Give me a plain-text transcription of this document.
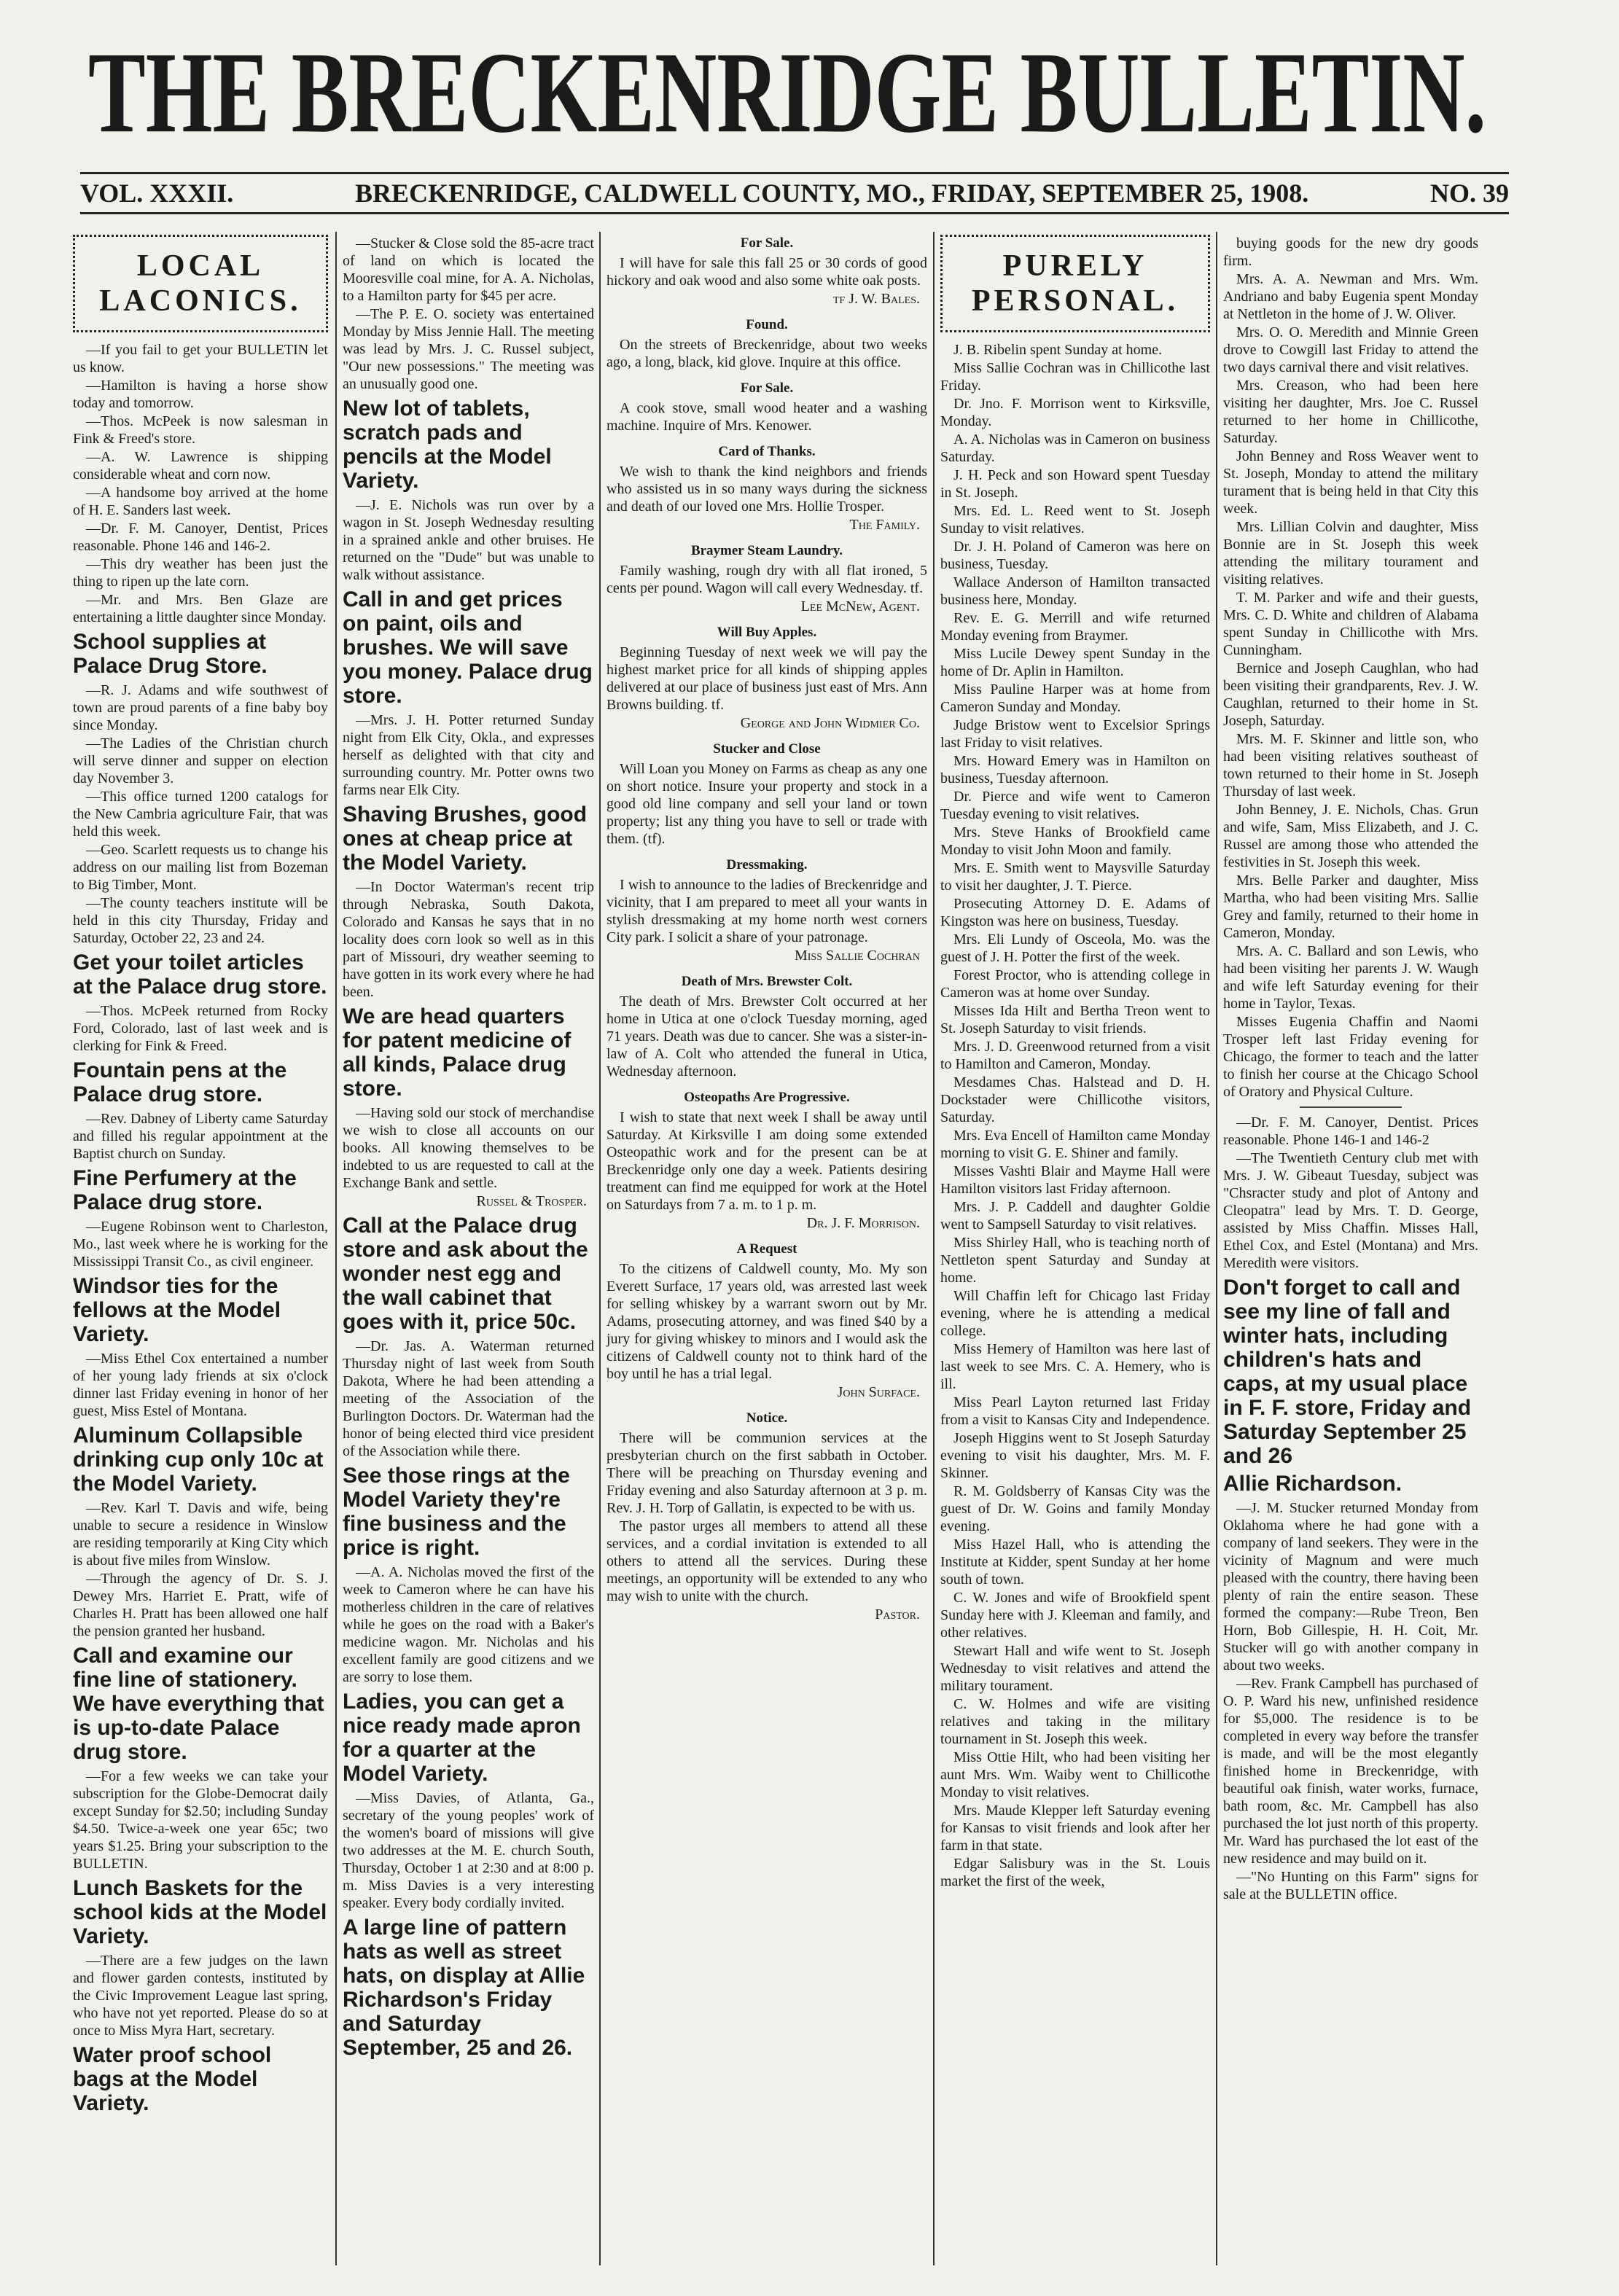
THE BRECKENRIDGE BULLETIN.
VOL. XXXII.	BRECKENRIDGE, CALDWELL COUNTY, MO., FRIDAY, SEPTEMBER 25, 1908.	NO. 39
LOCAL LACONICS.
—If you fail to get your BULLETIN let us know.
—Hamilton is having a horse show today and tomorrow.
—Thos. McPeek is now salesman in Fink & Freed's store.
—A. W. Lawrence is shipping considerable wheat and corn now.
—A handsome boy arrived at the home of H. E. Sanders last week.
—Dr. F. M. Canoyer, Dentist, Prices reasonable. Phone 146 and 146-2.
—This dry weather has been just the thing to ripen up the late corn.
—Mr. and Mrs. Ben Glaze are entertaining a little daughter since Monday.
School supplies at Palace Drug Store.
—R. J. Adams and wife southwest of town are proud parents of a fine baby boy since Monday.
—The Ladies of the Christian church will serve dinner and supper on election day November 3.
—This office turned 1200 catalogs for the New Cambria agriculture Fair, that was held this week.
—Geo. Scarlett requests us to change his address on our mailing list from Bozeman to Big Timber, Mont.
—The county teachers institute will be held in this city Thursday, Friday and Saturday, October 22, 23 and 24.
Get your toilet articles at the Palace drug store.
—Thos. McPeek returned from Rocky Ford, Colorado, last of last week and is clerking for Fink & Freed.
Fountain pens at the Palace drug store.
—Rev. Dabney of Liberty came Saturday and filled his regular appointment at the Baptist church on Sunday.
Fine Perfumery at the Palace drug store.
—Eugene Robinson went to Charleston, Mo., last week where he is working for the Mississippi Transit Co., as civil engineer.
Windsor ties for the fellows at the Model Variety.
—Miss Ethel Cox entertained a number of her young lady friends at six o'clock dinner last Friday evening in honor of her guest, Miss Estel of Montana.
Aluminum Collapsible drinking cup only 10c at the Model Variety.
—Rev. Karl T. Davis and wife, being unable to secure a residence in Winslow are residing temporarily at King City which is about five miles from Winslow.
—Through the agency of Dr. S. J. Dewey Mrs. Harriet E. Pratt, wife of Charles H. Pratt has been allowed one half the pension granted her husband.
Call and examine our fine line of stationery. We have everything that is up-to-date Palace drug store.
—For a few weeks we can take your subscription for the Globe-Democrat daily except Sunday for $2.50; including Sunday $4.50. Twice-a-week one year 65c; two years $1.25. Bring your subscription to the BULLETIN.
Lunch Baskets for the school kids at the Model Variety.
—There are a few judges on the lawn and flower garden contests, instituted by the Civic Improvement League last spring, who have not yet reported. Please do so at once to Miss Myra Hart, secretary.
Water proof school bags at the Model Variety.
—Stucker & Close sold the 85-acre tract of land on which is located the Mooresville coal mine, for A. A. Nicholas, to a Hamilton party for $45 per acre.
—The P. E. O. society was entertained Monday by Miss Jennie Hall. The meeting was lead by Mrs. J. C. Russel subject, "Our new possessions." The meeting was an unusually good one.
New lot of tablets, scratch pads and pencils at the Model Variety.
—J. E. Nichols was run over by a wagon in St. Joseph Wednesday resulting in a sprained ankle and other bruises. He returned on the "Dude" but was unable to walk without assistance.
Call in and get prices on paint, oils and brushes. We will save you money. Palace drug store.
—Mrs. J. H. Potter returned Sunday night from Elk City, Okla., and expresses herself as delighted with that city and surrounding country. Mr. Potter owns two farms near Elk City.
Shaving Brushes, good ones at cheap price at the Model Variety.
—In Doctor Waterman's recent trip through Nebraska, South Dakota, Colorado and Kansas he says that in no locality does corn look so well as in this part of Missouri, dry weather seeming to have gotten in its work every where he had been.
We are head quarters for patent medicine of all kinds, Palace drug store.
—Having sold our stock of merchandise we wish to close all accounts on our books. All knowing themselves to be indebted to us are requested to call at the Exchange Bank and settle.
Russel & Trosper.
Call at the Palace drug store and ask about the wonder nest egg and the wall cabinet that goes with it, price 50c.
—Dr. Jas. A. Waterman returned Thursday night of last week from South Dakota, Where he had been attending a meeting of the Association of the Burlington Doctors. Dr. Waterman had the honor of being elected third vice president of the Association while there.
See those rings at the Model Variety they're fine business and the price is right.
—A. A. Nicholas moved the first of the week to Cameron where he can have his motherless children in the care of relatives while he goes on the road with a Baker's medicine wagon. Mr. Nicholas and his excellent family are good citizens and we are sorry to lose them.
Ladies, you can get a nice ready made apron for a quarter at the Model Variety.
—Miss Davies, of Atlanta, Ga., secretary of the young peoples' work of the women's board of missions will give two addresses at the M. E. church South, Thursday, October 1 at 2:30 and at 8:00 p. m. Miss Davies is a very interesting speaker. Every body cordially invited.
A large line of pattern hats as well as street hats, on display at Allie Richardson's Friday and Saturday September, 25 and 26.
For Sale.
I will have for sale this fall 25 or 30 cords of good hickory and oak wood and also some white oak posts.
tf J. W. Bales.
Found.
On the streets of Breckenridge, about two weeks ago, a long, black, kid glove. Inquire at this office.
For Sale.
A cook stove, small wood heater and a washing machine. Inquire of Mrs. Kenower.
Card of Thanks.
We wish to thank the kind neighbors and friends who assisted us in so many ways during the sickness and death of our loved one Mrs. Hollie Trosper.
The Family.
Braymer Steam Laundry.
Family washing, rough dry with all flat ironed, 5 cents per pound. Wagon will call every Wednesday. tf.
Lee McNew, Agent.
Will Buy Apples.
Beginning Tuesday of next week we will pay the highest market price for all kinds of shipping apples delivered at our place of business just east of Mrs. Ann Browns building. tf.
George and John Widmier Co.
Stucker and Close
Will Loan you Money on Farms as cheap as any one on short notice. Insure your property and stock in a good old line company and sell your land or town property; list any thing you have to sell or trade with them. (tf).
Dressmaking.
I wish to announce to the ladies of Breckenridge and vicinity, that I am prepared to meet all your wants in stylish dressmaking at my home north west corners City park. I solicit a share of your patronage.
Miss Sallie Cochran
Death of Mrs. Brewster Colt.
The death of Mrs. Brewster Colt occurred at her home in Utica at one o'clock Tuesday morning, aged 71 years. Death was due to cancer. She was a sister-in-law of A. Colt who attended the funeral in Utica, Wednesday afternoon.
Osteopaths Are Progressive.
I wish to state that next week I shall be away until Saturday. At Kirksville I am doing some extended Osteopathic work and for the present can be at Breckenridge only one day a week. Patients desiring treatment can find me equipped for work at the Hotel on Saturdays from 7 a. m. to 1 p. m.
Dr. J. F. Morrison.
A Request
To the citizens of Caldwell county, Mo. My son Everett Surface, 17 years old, was arrested last week for selling whiskey by a warrant sworn out by Mr. Adams, prosecuting attorney, and was fined $40 by a jury for giving whiskey to minors and I would ask the citizens of Caldwell county not to think hard of the boy until he has a trial legal.
John Surface.
Notice.
There will be communion services at the presbyterian church on the first sabbath in October. There will be preaching on Thursday evening and Friday evening and also Saturday afternoon at 3 p. m. Rev. J. H. Torp of Gallatin, is expected to be with us.
The pastor urges all members to attend all these services, and a cordial invitation is extended to all others to attend all the services. During these meetings, an opportunity will be extended to any who may wish to unite with the church.
Pastor.
PURELY PERSONAL.
J. B. Ribelin spent Sunday at home.
Miss Sallie Cochran was in Chillicothe last Friday.
Dr. Jno. F. Morrison went to Kirksville, Monday.
A. A. Nicholas was in Cameron on business Saturday.
J. H. Peck and son Howard spent Tuesday in St. Joseph.
Mrs. Ed. L. Reed went to St. Joseph Sunday to visit relatives.
Dr. J. H. Poland of Cameron was here on business, Tuesday.
Wallace Anderson of Hamilton transacted business here, Monday.
Rev. E. G. Merrill and wife returned Monday evening from Braymer.
Miss Lucile Dewey spent Sunday in the home of Dr. Aplin in Hamilton.
Miss Pauline Harper was at home from Cameron Sunday and Monday.
Judge Bristow went to Excelsior Springs last Friday to visit relatives.
Mrs. Howard Emery was in Hamilton on business, Tuesday afternoon.
Dr. Pierce and wife went to Cameron Tuesday evening to visit relatives.
Mrs. Steve Hanks of Brookfield came Monday to visit John Moon and family.
Mrs. E. Smith went to Maysville Saturday to visit her daughter, J. T. Pierce.
Prosecuting Attorney D. E. Adams of Kingston was here on business, Tuesday.
Mrs. Eli Lundy of Osceola, Mo. was the guest of J. H. Potter the first of the week.
Forest Proctor, who is attending college in Cameron was at home over Sunday.
Misses Ida Hilt and Bertha Treon went to St. Joseph Saturday to visit friends.
Mrs. J. D. Greenwood returned from a visit to Hamilton and Cameron, Monday.
Mesdames Chas. Halstead and D. H. Dockstader were Chillicothe visitors, Saturday.
Mrs. Eva Encell of Hamilton came Monday morning to visit G. E. Shiner and family.
Misses Vashti Blair and Mayme Hall were Hamilton visitors last Friday afternoon.
Mrs. J. P. Caddell and daughter Goldie went to Sampsell Saturday to visit relatives.
Miss Shirley Hall, who is teaching north of Nettleton spent Saturday and Sunday at home.
Will Chaffin left for Chicago last Friday evening, where he is attending a medical college.
Miss Hemery of Hamilton was here last of last week to see Mrs. C. A. Hemery, who is ill.
Miss Pearl Layton returned last Friday from a visit to Kansas City and Independence.
Joseph Higgins went to St Joseph Saturday evening to visit his daughter, Mrs. M. F. Skinner.
R. M. Goldsberry of Kansas City was the guest of Dr. W. Goins and family Monday evening.
Miss Hazel Hall, who is attending the Institute at Kidder, spent Sunday at her home south of town.
C. W. Jones and wife of Brookfield spent Sunday here with J. Kleeman and family, and other relatives.
Stewart Hall and wife went to St. Joseph Wednesday to visit relatives and attend the military tourament.
C. W. Holmes and wife are visiting relatives and taking in the military tournament in St. Joseph this week.
Miss Ottie Hilt, who had been visiting her aunt Mrs. Wm. Waiby went to Chillicothe Monday to visit relatives.
Mrs. Maude Klepper left Saturday evening for Kansas to visit friends and look after her farm in that state.
Edgar Salisbury was in the St. Louis market the first of the week,
buying goods for the new dry goods firm.
Mrs. A. A. Newman and Mrs. Wm. Andriano and baby Eugenia spent Monday at Nettleton in the home of J. W. Oliver.
Mrs. O. O. Meredith and Minnie Green drove to Cowgill last Friday to attend the two days carnival there and visit relatives.
Mrs. Creason, who had been here visiting her daughter, Mrs. Joe C. Russel returned to her home in Chillicothe, Saturday.
John Benney and Ross Weaver went to St. Joseph, Monday to attend the military turament that is being held in that City this week.
Mrs. Lillian Colvin and daughter, Miss Bonnie are in St. Joseph this week attending the military tourament and visiting relatives.
T. M. Parker and wife and their guests, Mrs. C. D. White and children of Alabama spent Sunday in Chillicothe with Mrs. Cunningham.
Bernice and Joseph Caughlan, who had been visiting their grandparents, Rev. J. W. Caughlan, returned to their home in St. Joseph, Saturday.
Mrs. M. F. Skinner and little son, who had been visiting relatives southeast of town returned to their home in St. Joseph Thursday of last week.
John Benney, J. E. Nichols, Chas. Grun and wife, Sam, Miss Elizabeth, and J. C. Russel are among those who attended the festivities in St. Joseph this week.
Mrs. Belle Parker and daughter, Miss Martha, who had been visiting Mrs. Sallie Grey and family, returned to their home in Cameron, Monday.
Mrs. A. C. Ballard and son Lewis, who had been visiting her parents J. W. Waugh and wife left Saturday evening for their home in Taylor, Texas.
Misses Eugenia Chaffin and Naomi Trosper left last Friday evening for Chicago, the former to teach and the latter to finish her course at the Chicago School of Oratory and Physical Culture.
—Dr. F. M. Canoyer, Dentist. Prices reasonable. Phone 146-1 and 146-2
—The Twentieth Century club met with Mrs. J. W. Gibeaut Tuesday, subject was "Chsracter study and plot of Antony and Cleopatra" lead by Mrs. T. D. George, assisted by Miss Chaffin. Misses Hall, Ethel Cox, and Estel (Montana) and Mrs. Meredith were visitors.
Don't forget to call and see my line of fall and winter hats, including children's hats and caps, at my usual place in F. F. store, Friday and Saturday September 25 and 26
Allie Richardson.
—J. M. Stucker returned Monday from Oklahoma where he had gone with a company of land seekers. They were in the vicinity of Magnum and were much pleased with the country, there having been plenty of rain the entire season. These formed the company:—Rube Treon, Ben Horn, Bob Gillespie, H. H. Coit, Mr. Stucker will go with another company in about two weeks.
—Rev. Frank Campbell has purchased of O. P. Ward his new, unfinished residence for $5,000. The residence is to be completed in every way before the transfer is made, and will be the most elegantly finished home in Breckenridge, with beautiful oak finish, water works, furnace, bath room, &c. Mr. Campbell has also purchased the lot just north of this property. Mr. Ward has purchased the lot east of the new residence and may build on it.
—"No Hunting on this Farm" signs for sale at the BULLETIN office.
